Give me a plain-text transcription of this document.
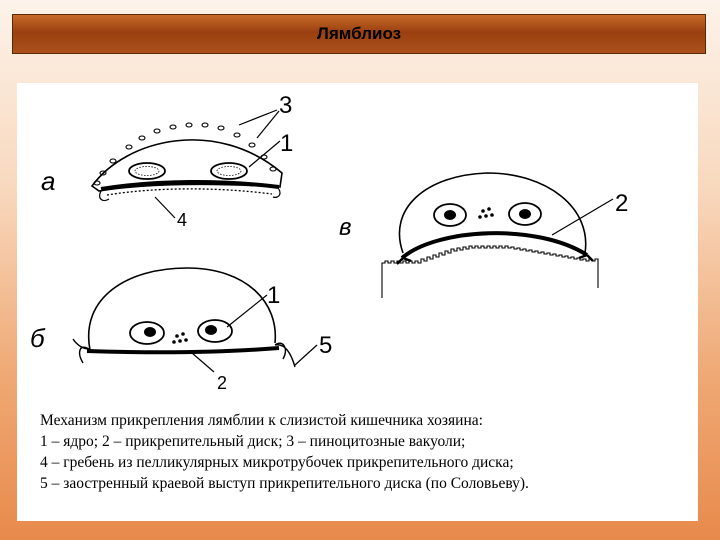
Лямблиоз
а
3
1
4
б
1
5
2
в
2
Механизм прикрепления лямблии к слизистой кишечника хозяина:
1 – ядро; 2 – прикрепительный диск; 3 – пиноцитозные вакуоли;
4 – гребень из пелликулярных микротрубочек прикрепительного диска;
5 – заостренный краевой выступ прикрепительного диска (по Соловьеву).
